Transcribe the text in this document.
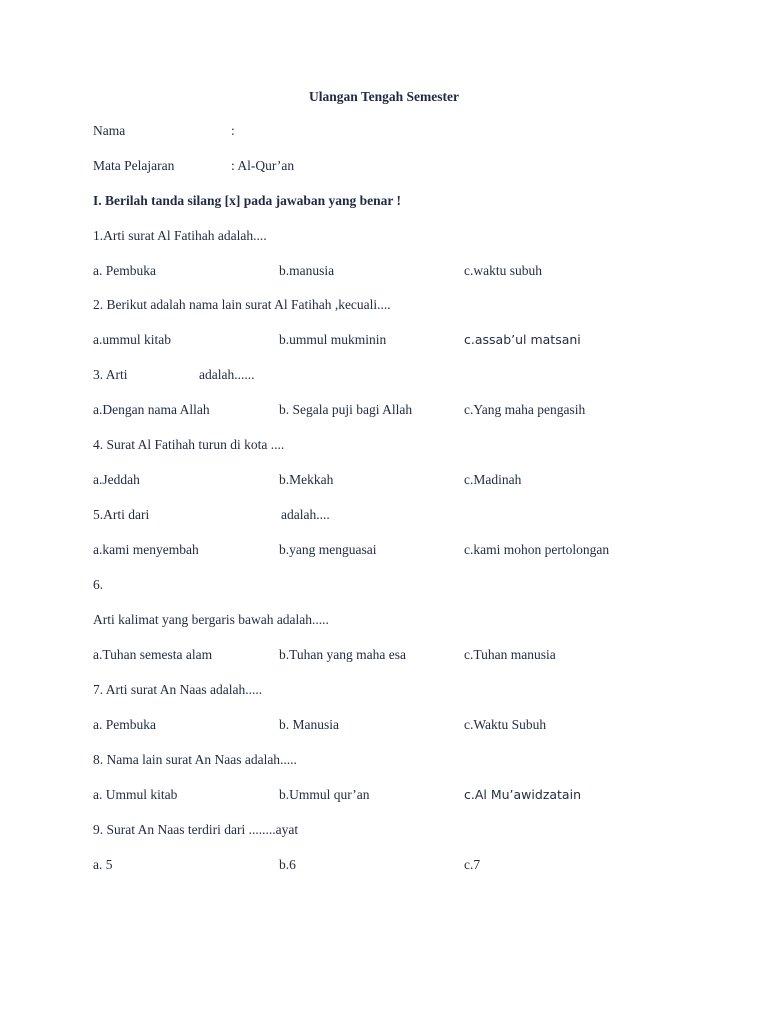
Ulangan Tengah Semester
Nama	:
Mata Pelajaran	: Al-Qur’an
I. Berilah tanda silang [x] pada jawaban yang benar !
1.Arti surat Al Fatihah adalah....
a. Pembuka	b.manusia	c.waktu subuh
2. Berikut adalah nama lain surat Al Fatihah ,kecuali....
a.ummul kitab	b.ummul mukminin	c.assab’ul matsani
3. Arti	adalah......
a.Dengan nama Allah	b. Segala puji bagi Allah	c.Yang maha pengasih
4. Surat Al Fatihah turun di kota ....
a.Jeddah	b.Mekkah	c.Madinah
5.Arti dari	adalah....
a.kami menyembah	b.yang menguasai	c.kami mohon pertolongan
6.
Arti kalimat yang bergaris bawah adalah.....
a.Tuhan semesta alam	b.Tuhan yang maha esa	c.Tuhan manusia
7. Arti surat An Naas adalah.....
a. Pembuka	b. Manusia	c.Waktu Subuh
8. Nama lain surat An Naas adalah.....
a. Ummul kitab	b.Ummul qur’an	c.Al Mu’awidzatain
9. Surat An Naas terdiri dari ........ayat
a. 5	b.6	c.7
